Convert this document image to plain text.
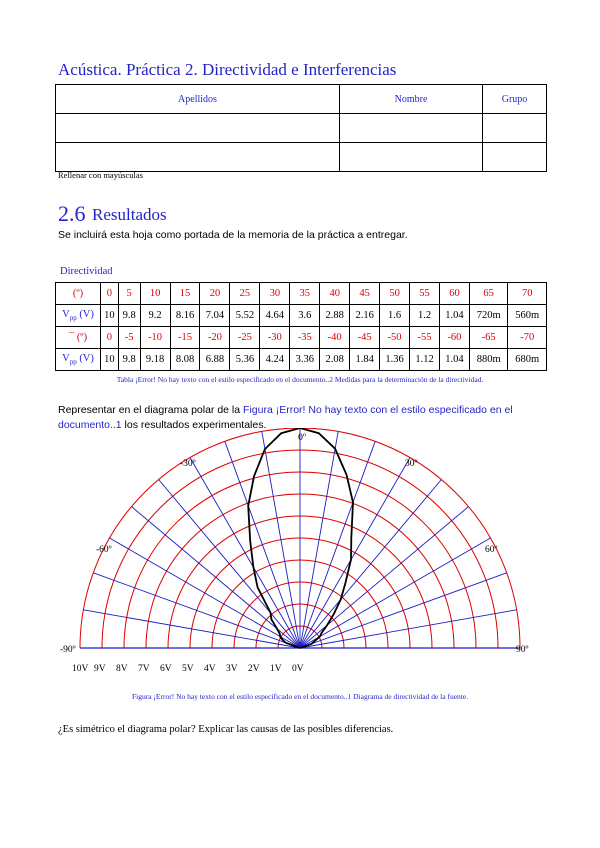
Acústica. Práctica 2. Directividad e Interferencias
Apellidos	Nombre	Grupo

Rellenar con mayúsculas
2.6 Resultados
Se incluirá esta hoja como portada de la memoria de la práctica a entregar.
Directividad
(º)	0	5	10	15	20	25	30	35	40	45	50	55	60	65	70
$V_{pp}$ (V)	10	9.8	9.2	8.16	7.04	5.52	4.64	3.6	2.88	2.16	1.6	1.2	1.04	720m	560m
¯ (º)	0	-5	-10	-15	-20	-25	-30	-35	-40	-45	-50	-55	-60	-65	-70
$V_{pp}$ (V)	10	9.8	9.18	8.08	6.88	5.36	4.24	3.36	2.08	1.84	1.36	1.12	1.04	880m	680m
Tabla ¡Error! No hay texto con el estilo especificado en el documento..2 Medidas para la determinación de la directividad.
Representar en el diagrama polar de la Figura ¡Error! No hay texto con el estilo especificado en el documento..1 los resultados experimentales.
0º
-30º	30º
-60º	60º
-90º	90º
10V 9V 8V 7V 6V 5V 4V 3V 2V 1V 0V
Figura ¡Error! No hay texto con el estilo especificado en el documento..1 Diagrama de directividad de la fuente.
¿Es simétrico el diagrama polar? Explicar las causas de las posibles diferencias.
